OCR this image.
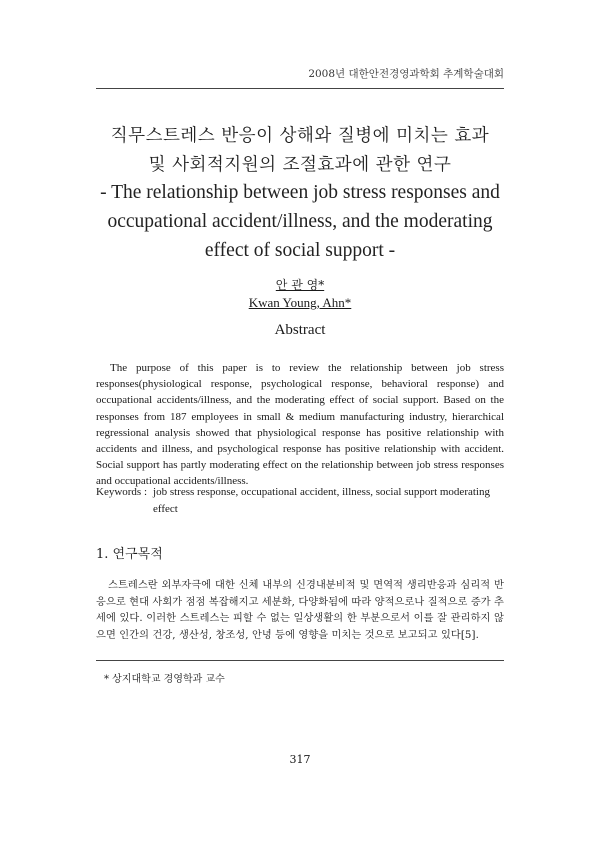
2008년 대한안전경영과학회 추계학술대회
직무스트레스 반응이 상해와 질병에 미치는 효과
및 사회적지원의 조절효과에 관한 연구
- The relationship between job stress responses and
occupational accident/illness, and the moderating
effect of social support -
안 관 영*
Kwan Young, Ahn*
Abstract

The purpose of this paper is to review the relationship between job stress responses(physiological response, psychological response, behavioral response) and occupational accidents/illness, and the moderating effect of social support. Based on the responses from 187 employees in small & medium manufacturing industry, hierarchical regressional analysis showed that physiological response has positive relationship with accidents and illness, and psychological response has positive relationship with accident. Social support has partly moderating effect on the relationship between job stress responses and occupational accidents/illness.

Keywords : job stress response, occupational accident, illness, social support moderating effect
1. 연구목적

스트레스란 외부자극에 대한 신체 내부의 신경내분비적 및 면역적 생리반응과 심리적 반응으로 현대 사회가 점점 복잡해지고 세분화, 다양화됨에 따라 양적으로나 질적으로 증가 추세에 있다. 이러한 스트레스는 피할 수 없는 일상생활의 한 부분으로서 이를 잘 관리하지 않으면 인간의 건강, 생산성, 창조성, 안녕 등에 영향을 미치는 것으로 보고되고 있다[5].

* 상지대학교 경영학과 교수
317
